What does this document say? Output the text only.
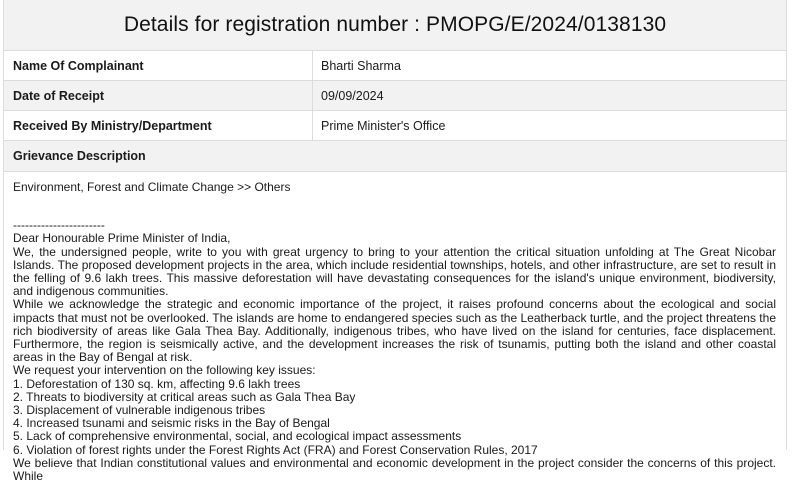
Details for registration number : PMOPG/E/2024/0138130
Name Of Complainant	Bharti Sharma
Date of Receipt	09/09/2024
Received By Ministry/Department	Prime Minister's Office
Grievance Description

Environment, Forest and Climate Change >> Others

-----------------------

Dear Honourable Prime Minister of India,

We, the undersigned people, write to you with great urgency to bring to your attention the critical situation unfolding at The Great Nicobar Islands. The proposed development projects in the area, which include residential townships, hotels, and other infrastructure, are set to result in the felling of 9.6 lakh trees. This massive deforestation will have devastating consequences for the island's unique environment, biodiversity, and indigenous communities.

While we acknowledge the strategic and economic importance of the project, it raises profound concerns about the ecological and social impacts that must not be overlooked. The islands are home to endangered species such as the Leatherback turtle, and the project threatens the rich biodiversity of areas like Gala Thea Bay. Additionally, indigenous tribes, who have lived on the island for centuries, face displacement. Furthermore, the region is seismically active, and the development increases the risk of tsunamis, putting both the island and other coastal areas in the Bay of Bengal at risk.

We request your intervention on the following key issues:

1. Deforestation of 130 sq. km, affecting 9.6 lakh trees

2. Threats to biodiversity at critical areas such as Gala Thea Bay

3. Displacement of vulnerable indigenous tribes

4. Increased tsunami and seismic risks in the Bay of Bengal

5. Lack of comprehensive environmental, social, and ecological impact assessments

6. Violation of forest rights under the Forest Rights Act (FRA) and Forest Conservation Rules, 2017

We believe that Indian constitutional values and environmental and economic development in the project consider the concerns of this project. While
